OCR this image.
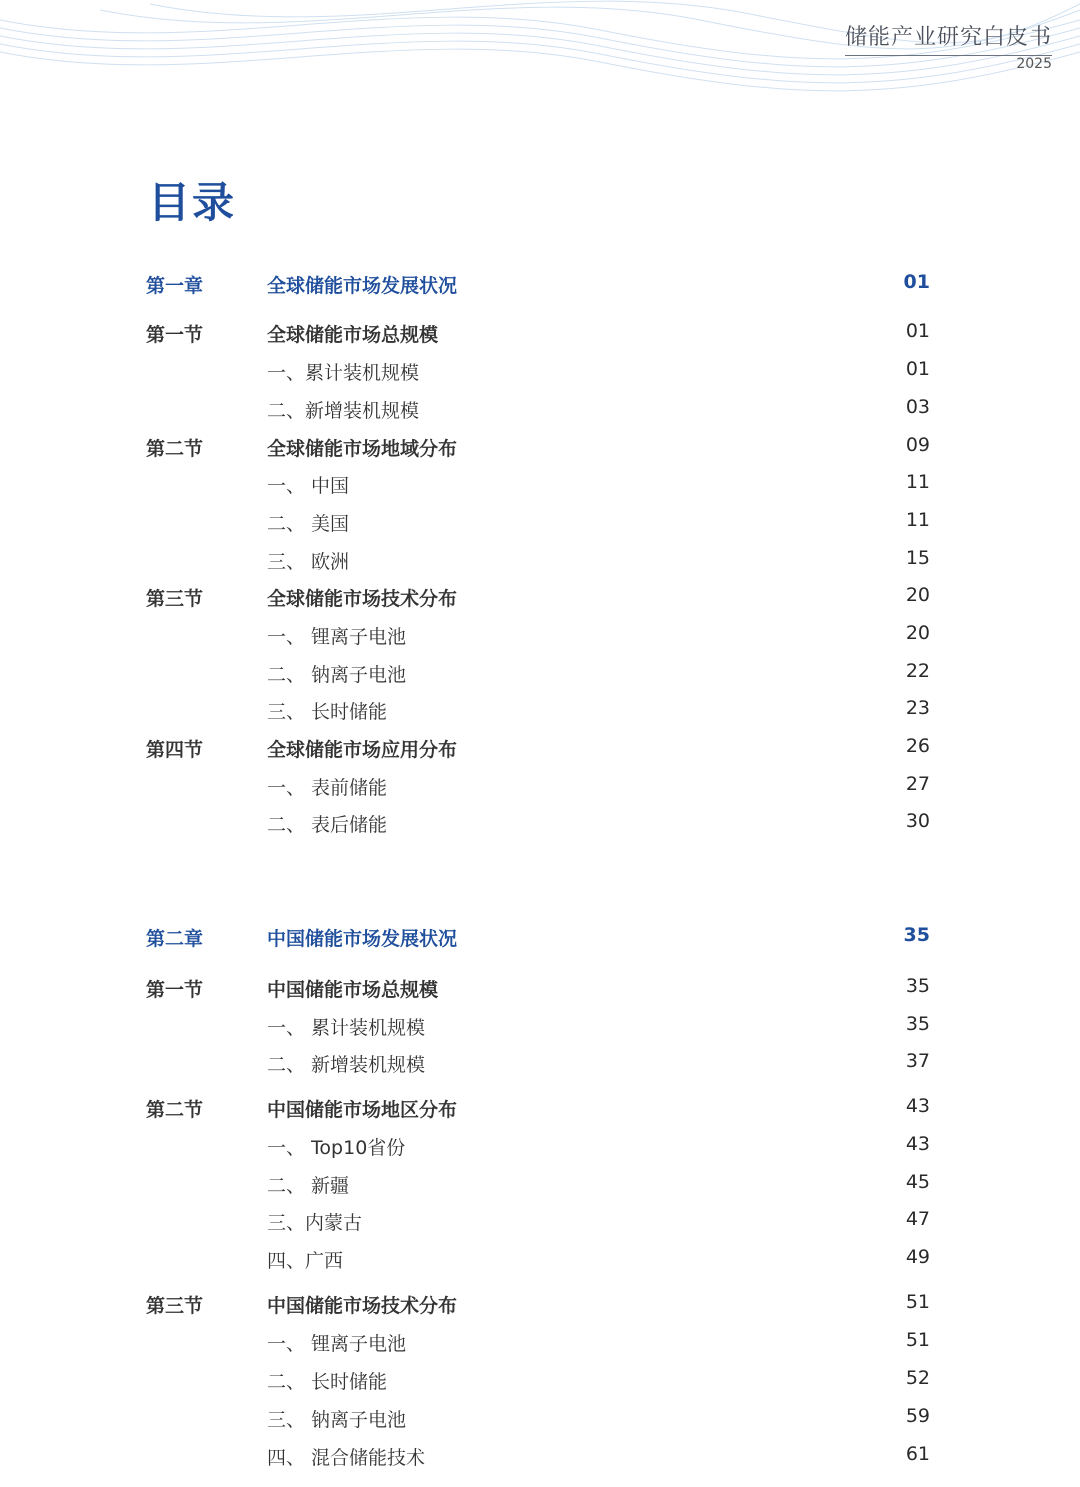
储能产业研究白皮书
2025
目录
第一章	全球储能市场发展状况	01
第一节	全球储能市场总规模	01
一、累计装机规模	01
二、新增装机规模	03
第二节	全球储能市场地域分布	09
一、 中国	11
二、 美国	11
三、 欧洲	15
第三节	全球储能市场技术分布	20
一、 锂离子电池	20
二、 钠离子电池	22
三、 长时储能	23
第四节	全球储能市场应用分布	26
一、 表前储能	27
二、 表后储能	30
第二章	中国储能市场发展状况	35
第一节	中国储能市场总规模	35
一、 累计装机规模	35
二、 新增装机规模	37
第二节	中国储能市场地区分布	43
一、 Top10省份	43
二、 新疆	45
三、内蒙古	47
四、广西	49
第三节	中国储能市场技术分布	51
一、 锂离子电池	51
二、 长时储能	52
三、 钠离子电池	59
四、 混合储能技术	61
